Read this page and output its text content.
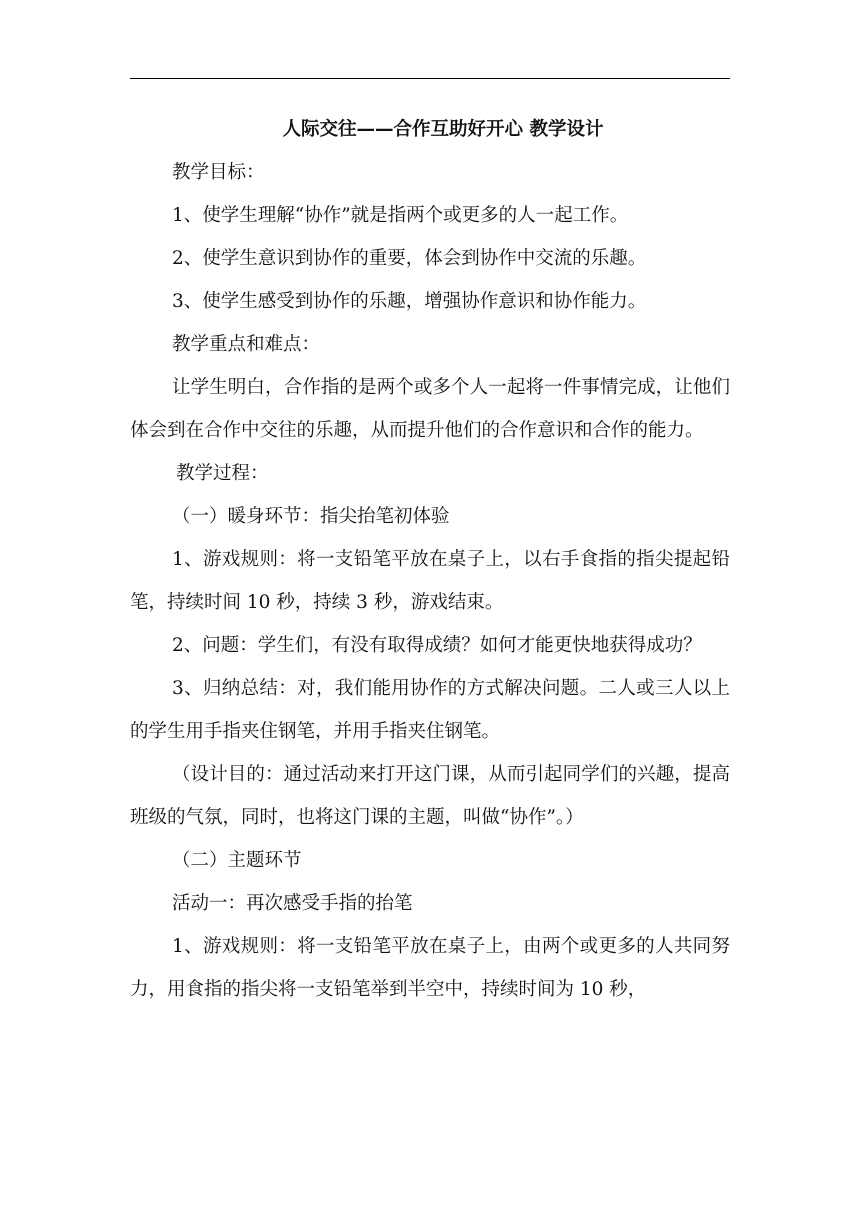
人际交往——合作互助好开心 教学设计

教学目标：

1、使学生理解“协作”就是指两个或更多的人一起工作。

2、使学生意识到协作的重要，体会到协作中交流的乐趣。

3、使学生感受到协作的乐趣，增强协作意识和协作能力。

教学重点和难点：

让学生明白，合作指的是两个或多个人一起将一件事情完成，让他们体会到在合作中交往的乐趣，从而提升他们的合作意识和合作的能力。

教学过程：

（一）暖身环节：指尖抬笔初体验

1、游戏规则：将一支铅笔平放在桌子上，以右手食指的指尖提起铅笔，持续时间 10 秒，持续 3 秒，游戏结束。

2、问题：学生们，有没有取得成绩？如何才能更快地获得成功？

3、归纳总结：对，我们能用协作的方式解决问题。二人或三人以上的学生用手指夹住钢笔，并用手指夹住钢笔。

（设计目的：通过活动来打开这门课，从而引起同学们的兴趣，提高班级的气氛，同时，也将这门课的主题，叫做“协作”。）

（二）主题环节

活动一：再次感受手指的抬笔

1、游戏规则：将一支铅笔平放在桌子上，由两个或更多的人共同努力，用食指的指尖将一支铅笔举到半空中，持续时间为 10 秒，
